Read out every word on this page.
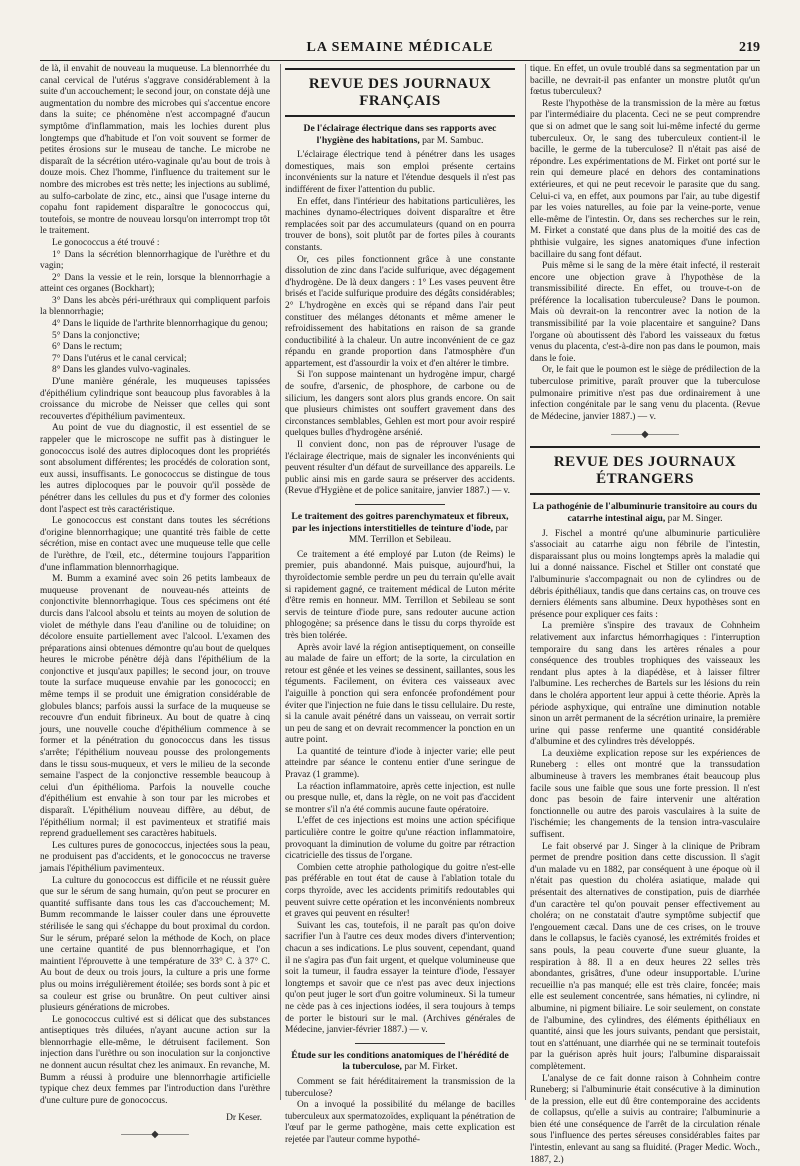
LA SEMAINE MÉDICALE	219

de là, il envahit de nouveau la muqueuse. La blennorrhée du canal cervical de l'utérus s'aggrave considérablement à la suite d'un accouchement; le second jour, on constate déjà une augmentation du nombre des microbes qui s'accentue encore dans la suite; ce phénomène n'est accompagné d'aucun symptôme d'inflammation, mais les lochies durent plus longtemps que d'habitude et l'on voit souvent se former de petites érosions sur le museau de tanche. Le microbe ne disparaît de la sécrétion utéro-vaginale qu'au bout de trois à douze mois. Chez l'homme, l'influence du traitement sur le nombre des microbes est très nette; les injections au sublimé, au sulfo-carbolate de zinc, etc., ainsi que l'usage interne du copahu font rapidement disparaître le gonococcus qui, toutefois, se montre de nouveau lorsqu'on interrompt trop tôt le traitement.

Le gonococcus a été trouvé :

1° Dans la sécrétion blennorrhagique de l'urèthre et du vagin;

2° Dans la vessie et le rein, lorsque la blennorrhagie a atteint ces organes (Bockhart);

3° Dans les abcès péri-uréthraux qui compliquent parfois la blennorrhagie;

4° Dans le liquide de l'arthrite blennorrhagique du genou;

5° Dans la conjonctive;

6° Dans le rectum;

7° Dans l'utérus et le canal cervical;

8° Dans les glandes vulvo-vaginales.

D'une manière générale, les muqueuses tapissées d'épithélium cylindrique sont beaucoup plus favorables à la croissance du microbe de Neisser que celles qui sont recouvertes d'épithélium pavimenteux.

Au point de vue du diagnostic, il est essentiel de se rappeler que le microscope ne suffit pas à distinguer le gonococcus isolé des autres diplocoques dont les propriétés sont absolument différentes; les procédés de coloration sont, eux aussi, insuffisants. Le gonococcus se distingue de tous les autres diplocoques par le pouvoir qu'il possède de pénétrer dans les cellules du pus et d'y former des colonies dont l'aspect est très caractéristique.

Le gonococcus est constant dans toutes les sécrétions d'origine blennorrhagique; une quantité très faible de cette sécrétion, mise en contact avec une muqueuse telle que celle de l'urèthre, de l'œil, etc., détermine toujours l'apparition d'une inflammation blennorrhagique.

M. Bumm a examiné avec soin 26 petits lambeaux de muqueuse provenant de nouveau-nés atteints de conjonctivite blennorrhagique. Tous ces spécimens ont été durcis dans l'alcool absolu et teints au moyen de solution de violet de méthyle dans l'eau d'aniline ou de toluidine; on décolore ensuite partiellement avec l'alcool. L'examen des préparations ainsi obtenues démontre qu'au bout de quelques heures le microbe pénètre déjà dans l'épithélium de la conjonctive et jusqu'aux papilles; le second jour, on trouve toute la surface muqueuse envahie par les gonococci; en même temps il se produit une émigration considérable de globules blancs; parfois aussi la surface de la muqueuse se recouvre d'un enduit fibrineux. Au bout de quatre à cinq jours, une nouvelle couche d'épithélium commence à se former et la pénétration du gonococcus dans les tissus s'arrête; l'épithélium nouveau pousse des prolongements dans le tissu sous-muqueux, et vers le milieu de la seconde semaine l'aspect de la conjonctive ressemble beaucoup à celui d'un épithélioma. Parfois la nouvelle couche d'épithélium est envahie à son tour par les microbes et disparaît. L'épithélium nouveau diffère, au début, de l'épithélium normal; il est pavimenteux et stratifié mais reprend graduellement ses caractères habituels.

Les cultures pures de gonococcus, injectées sous la peau, ne produisent pas d'accidents, et le gonococcus ne traverse jamais l'épithélium pavimenteux.

La culture du gonococcus est difficile et ne réussit guère que sur le sérum de sang humain, qu'on peut se procurer en quantité suffisante dans tous les cas d'accouchement; M. Bumm recommande le laisser couler dans une éprouvette stérilisée le sang qui s'échappe du bout proximal du cordon. Sur le sérum, préparé selon la méthode de Koch, on place une certaine quantité de pus blennorrhagique, et l'on maintient l'éprouvette à une température de 33° C. à 37° C. Au bout de deux ou trois jours, la culture a pris une forme plus ou moins irrégulièrement étoilée; ses bords sont à pic et sa couleur est grise ou brunâtre. On peut cultiver ainsi plusieurs générations de microbes.

Le gonococcus cultivé est si délicat que des substances antiseptiques très diluées, n'ayant aucune action sur la blennorrhagie elle-même, le détruisent facilement. Son injection dans l'urèthre ou son inoculation sur la conjonctive ne donnent aucun résultat chez les animaux. En revanche, M. Bumm a réussi à produire une blennorrhagie artificielle typique chez deux femmes par l'introduction dans l'urèthre d'une culture pure de gonococcus.

Dr Keser.
———◆———
REVUE DES JOURNAUX FRANÇAIS
De l'éclairage électrique dans ses rapports avec l'hygiène des habitations, par M. Sambuc.

L'éclairage électrique tend à pénétrer dans les usages domestiques, mais son emploi présente certains inconvénients sur la nature et l'étendue desquels il n'est pas indifférent de fixer l'attention du public.

En effet, dans l'intérieur des habitations particulières, les machines dynamo-électriques doivent disparaître et être remplacées soit par des accumulateurs (quand on en pourra trouver de bons), soit plutôt par de fortes piles à courants constants.

Or, ces piles fonctionnent grâce à une constante dissolution de zinc dans l'acide sulfurique, avec dégagement d'hydrogène. De là deux dangers : 1° Les vases peuvent être brisés et l'acide sulfurique produire des dégâts considérables; 2° L'hydrogène en excès qui se répand dans l'air peut constituer des mélanges détonants et même amener le refroidissement des habitations en raison de sa grande conductibilité à la chaleur. Un autre inconvénient de ce gaz répandu en grande proportion dans l'atmosphère d'un appartement, est d'assourdir la voix et d'en altérer le timbre.

Si l'on suppose maintenant un hydrogène impur, chargé de soufre, d'arsenic, de phosphore, de carbone ou de silicium, les dangers sont alors plus grands encore. On sait que plusieurs chimistes ont souffert gravement dans des circonstances semblables, Gehlen est mort pour avoir respiré quelques bulles d'hydrogène arsénié.

Il convient donc, non pas de réprouver l'usage de l'éclairage électrique, mais de signaler les inconvénients qui peuvent résulter d'un défaut de surveillance des appareils. Le public ainsi mis en garde saura se préserver des accidents. (Revue d'Hygiène et de police sanitaire, janvier 1887.) — v.

Le traitement des goitres parenchymateux et fibreux, par les injections interstitielles de teinture d'iode, par MM. Terrillon et Sebileau.

Ce traitement a été employé par Luton (de Reims) le premier, puis abandonné. Mais puisque, aujourd'hui, la thyroïdectomie semble perdre un peu du terrain qu'elle avait si rapidement gagné, ce traitement médical de Luton mérite d'être remis en honneur. MM. Terrillon et Sebileau se sont servis de teinture d'iode pure, sans redouter aucune action phlogogène; sa présence dans le tissu du corps thyroïde est très bien tolérée.

Après avoir lavé la région antiseptiquement, on conseille au malade de faire un effort; de la sorte, la circulation en retour est gênée et les veines se dessinent, saillantes, sous les téguments. Facilement, on évitera ces vaisseaux avec l'aiguille à ponction qui sera enfoncée profondément pour éviter que l'injection ne fuie dans le tissu cellulaire. Du reste, si la canule avait pénétré dans un vaisseau, on verrait sortir un peu de sang et on devrait recommencer la ponction en un autre point.

La quantité de teinture d'iode à injecter varie; elle peut atteindre par séance le contenu entier d'une seringue de Pravaz (1 gramme).

La réaction inflammatoire, après cette injection, est nulle ou presque nulle, et, dans la règle, on ne voit pas d'accident se montrer s'il n'a été commis aucune faute opératoire.

L'effet de ces injections est moins une action spécifique particulière contre le goitre qu'une réaction inflammatoire, provoquant la diminution de volume du goitre par rétraction cicatricielle des tissus de l'organe.

Combien cette atrophie pathologique du goitre n'est-elle pas préférable en tout état de cause à l'ablation totale du corps thyroïde, avec les accidents primitifs redoutables qui peuvent suivre cette opération et les inconvénients nombreux et graves qui peuvent en résulter!

Suivant les cas, toutefois, il ne paraît pas qu'on doive sacrifier l'un à l'autre ces deux modes divers d'intervention; chacun a ses indications. Le plus souvent, cependant, quand il ne s'agira pas d'un fait urgent, et quelque volumineuse que soit la tumeur, il faudra essayer la teinture d'iode, l'essayer longtemps et savoir que ce n'est pas avec deux injections qu'on peut juger le sort d'un goitre volumineux. Si la tumeur ne cède pas à ces injections iodées, il sera toujours à temps de porter le bistouri sur le mal. (Archives générales de Médecine, janvier-février 1887.) — v.

Étude sur les conditions anatomiques de l'hérédité de la tuberculose, par M. Firket.

Comment se fait héréditairement la transmission de la tuberculose?

On a invoqué la possibilité du mélange de bacilles tuberculeux aux spermatozoïdes, expliquant la pénétration de l'œuf par le germe pathogène, mais cette explication est rejetée par l'auteur comme hypothé-

tique. En effet, un ovule troublé dans sa segmentation par un bacille, ne devrait-il pas enfanter un monstre plutôt qu'un fœtus tuberculeux?

Reste l'hypothèse de la transmission de la mère au fœtus par l'intermédiaire du placenta. Ceci ne se peut comprendre que si on admet que le sang soit lui-même infecté du germe tuberculeux. Or, le sang des tuberculeux contient-il le bacille, le germe de la tuberculose? Il n'était pas aisé de répondre. Les expérimentations de M. Firket ont porté sur le rein qui demeure placé en dehors des contaminations extérieures, et qui ne peut recevoir le parasite que du sang. Celui-ci va, en effet, aux poumons par l'air, au tube digestif par les voies naturelles, au foie par la veine-porte, venue elle-même de l'intestin. Or, dans ses recherches sur le rein, M. Firket a constaté que dans plus de la moitié des cas de phthisie vulgaire, les signes anatomiques d'une infection bacillaire du sang font défaut.

Puis même si le sang de la mère était infecté, il resterait encore une objection grave à l'hypothèse de la transmissibilité directe. En effet, ou trouve-t-on de préférence la localisation tuberculeuse? Dans le poumon. Mais où devrait-on la rencontrer avec la notion de la transmissibilité par la voie placentaire et sanguine? Dans l'organe où aboutissent dès l'abord les vaisseaux du fœtus venus du placenta, c'est-à-dire non pas dans le poumon, mais dans le foie.

Or, le fait que le poumon est le siège de prédilection de la tuberculose primitive, paraît prouver que la tuberculose pulmonaire primitive n'est pas due ordinairement à une infection congénitale par le sang venu du placenta. (Revue de Médecine, janvier 1887.) — v.

———◆———
REVUE DES JOURNAUX ÉTRANGERS
La pathogénie de l'albuminurie transitoire au cours du catarrhe intestinal aigu, par M. Singer.

J. Fischel a montré qu'une albuminurie particulière s'associait au catarrhe aigu non fébrile de l'intestin, disparaissant plus ou moins longtemps après la maladie qui lui a donné naissance. Fischel et Stiller ont constaté que l'albuminurie s'accompagnait ou non de cylindres ou de débris épithéliaux, tandis que dans certains cas, on trouve ces derniers éléments sans albumine. Deux hypothèses sont en présence pour expliquer ces faits :

La première s'inspire des travaux de Cohnheim relativement aux infarctus hémorrhagiques : l'interruption temporaire du sang dans les artères rénales a pour conséquence des troubles trophiques des vaisseaux les rendant plus aptes à la diapédèse, et à laisser filtrer l'albumine. Les recherches de Bartels sur les lésions du rein dans le choléra apportent leur appui à cette théorie. Après la période asphyxique, qui entraîne une diminution notable sinon un arrêt permanent de la sécrétion urinaire, la première urine qui passe renferme une quantité considérable d'albumine et des cylindres très développés.

La deuxième explication repose sur les expériences de Runeberg : elles ont montré que la transsudation albumineuse à travers les membranes était beaucoup plus facile sous une faible que sous une forte pression. Il n'est donc pas besoin de faire intervenir une altération fonctionnelle ou autre des parois vasculaires à la suite de l'ischémie; les changements de la tension intra-vasculaire suffisent.

Le fait observé par J. Singer à la clinique de Pribram permet de prendre position dans cette discussion. Il s'agit d'un malade vu en 1882, par conséquent à une époque où il n'était pas question du choléra asiatique, malade qui présentait des alternatives de constipation, puis de diarrhée d'un caractère tel qu'on pouvait penser effectivement au choléra; on ne constatait d'autre symptôme subjectif que l'engouement cæcal. Dans une de ces crises, on le trouve dans le collapsus, le faciès cyanosé, les extrémités froides et sans pouls, la peau couverte d'une sueur gluante, la respiration à 88. Il a en deux heures 22 selles très abondantes, grisâtres, d'une odeur insupportable. L'urine recueillie n'a pas manqué; elle est très claire, foncée; mais elle est seulement concentrée, sans hématies, ni cylindre, ni albumine, ni pigment biliaire. Le soir seulement, on constate de l'albumine, des cylindres, des éléments épithéliaux en quantité, ainsi que les jours suivants, pendant que persistait, tout en s'atténuant, une diarrhée qui ne se terminait toutefois par la guérison après huit jours; l'albumine disparaissait complètement.

L'analyse de ce fait donne raison à Cohnheim contre Runeberg; si l'albuminurie était consécutive à la diminution de la pression, elle eut dû être contemporaine des accidents de collapsus, qu'elle a suivis au contraire; l'albuminurie a bien été une conséquence de l'arrêt de la circulation rénale sous l'influence des pertes séreuses considérables faites par l'intestin, enlevant au sang sa fluidité. (Prager Medic. Woch., 1887, 2.)
